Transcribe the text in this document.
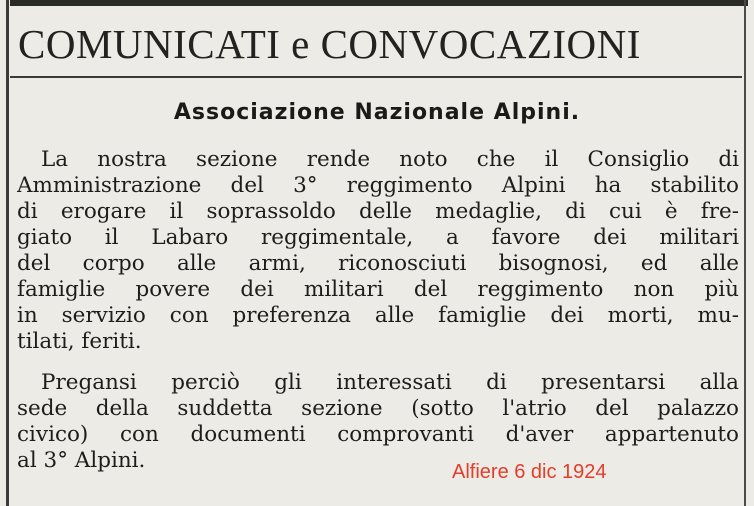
COMUNICATI e CONVOCAZIONI
Associazione Nazionale Alpini.
La nostra sezione rende noto che il Consiglio di
Amministrazione del 3° reggimento Alpini ha stabilito
di erogare il soprassoldo delle medaglie, di cui è fre-
giato il Labaro reggimentale, a favore dei militari
del corpo alle armi, riconosciuti bisognosi, ed alle
famiglie povere dei militari del reggimento non più
in servizio con preferenza alle famiglie dei morti, mu-
tilati, feriti.
Pregansi perciò gli interessati di presentarsi alla
sede della suddetta sezione (sotto l'atrio del palazzo
civico) con documenti comprovanti d'aver appartenuto
al 3° Alpini.	Alfiere 6 dic 1924
